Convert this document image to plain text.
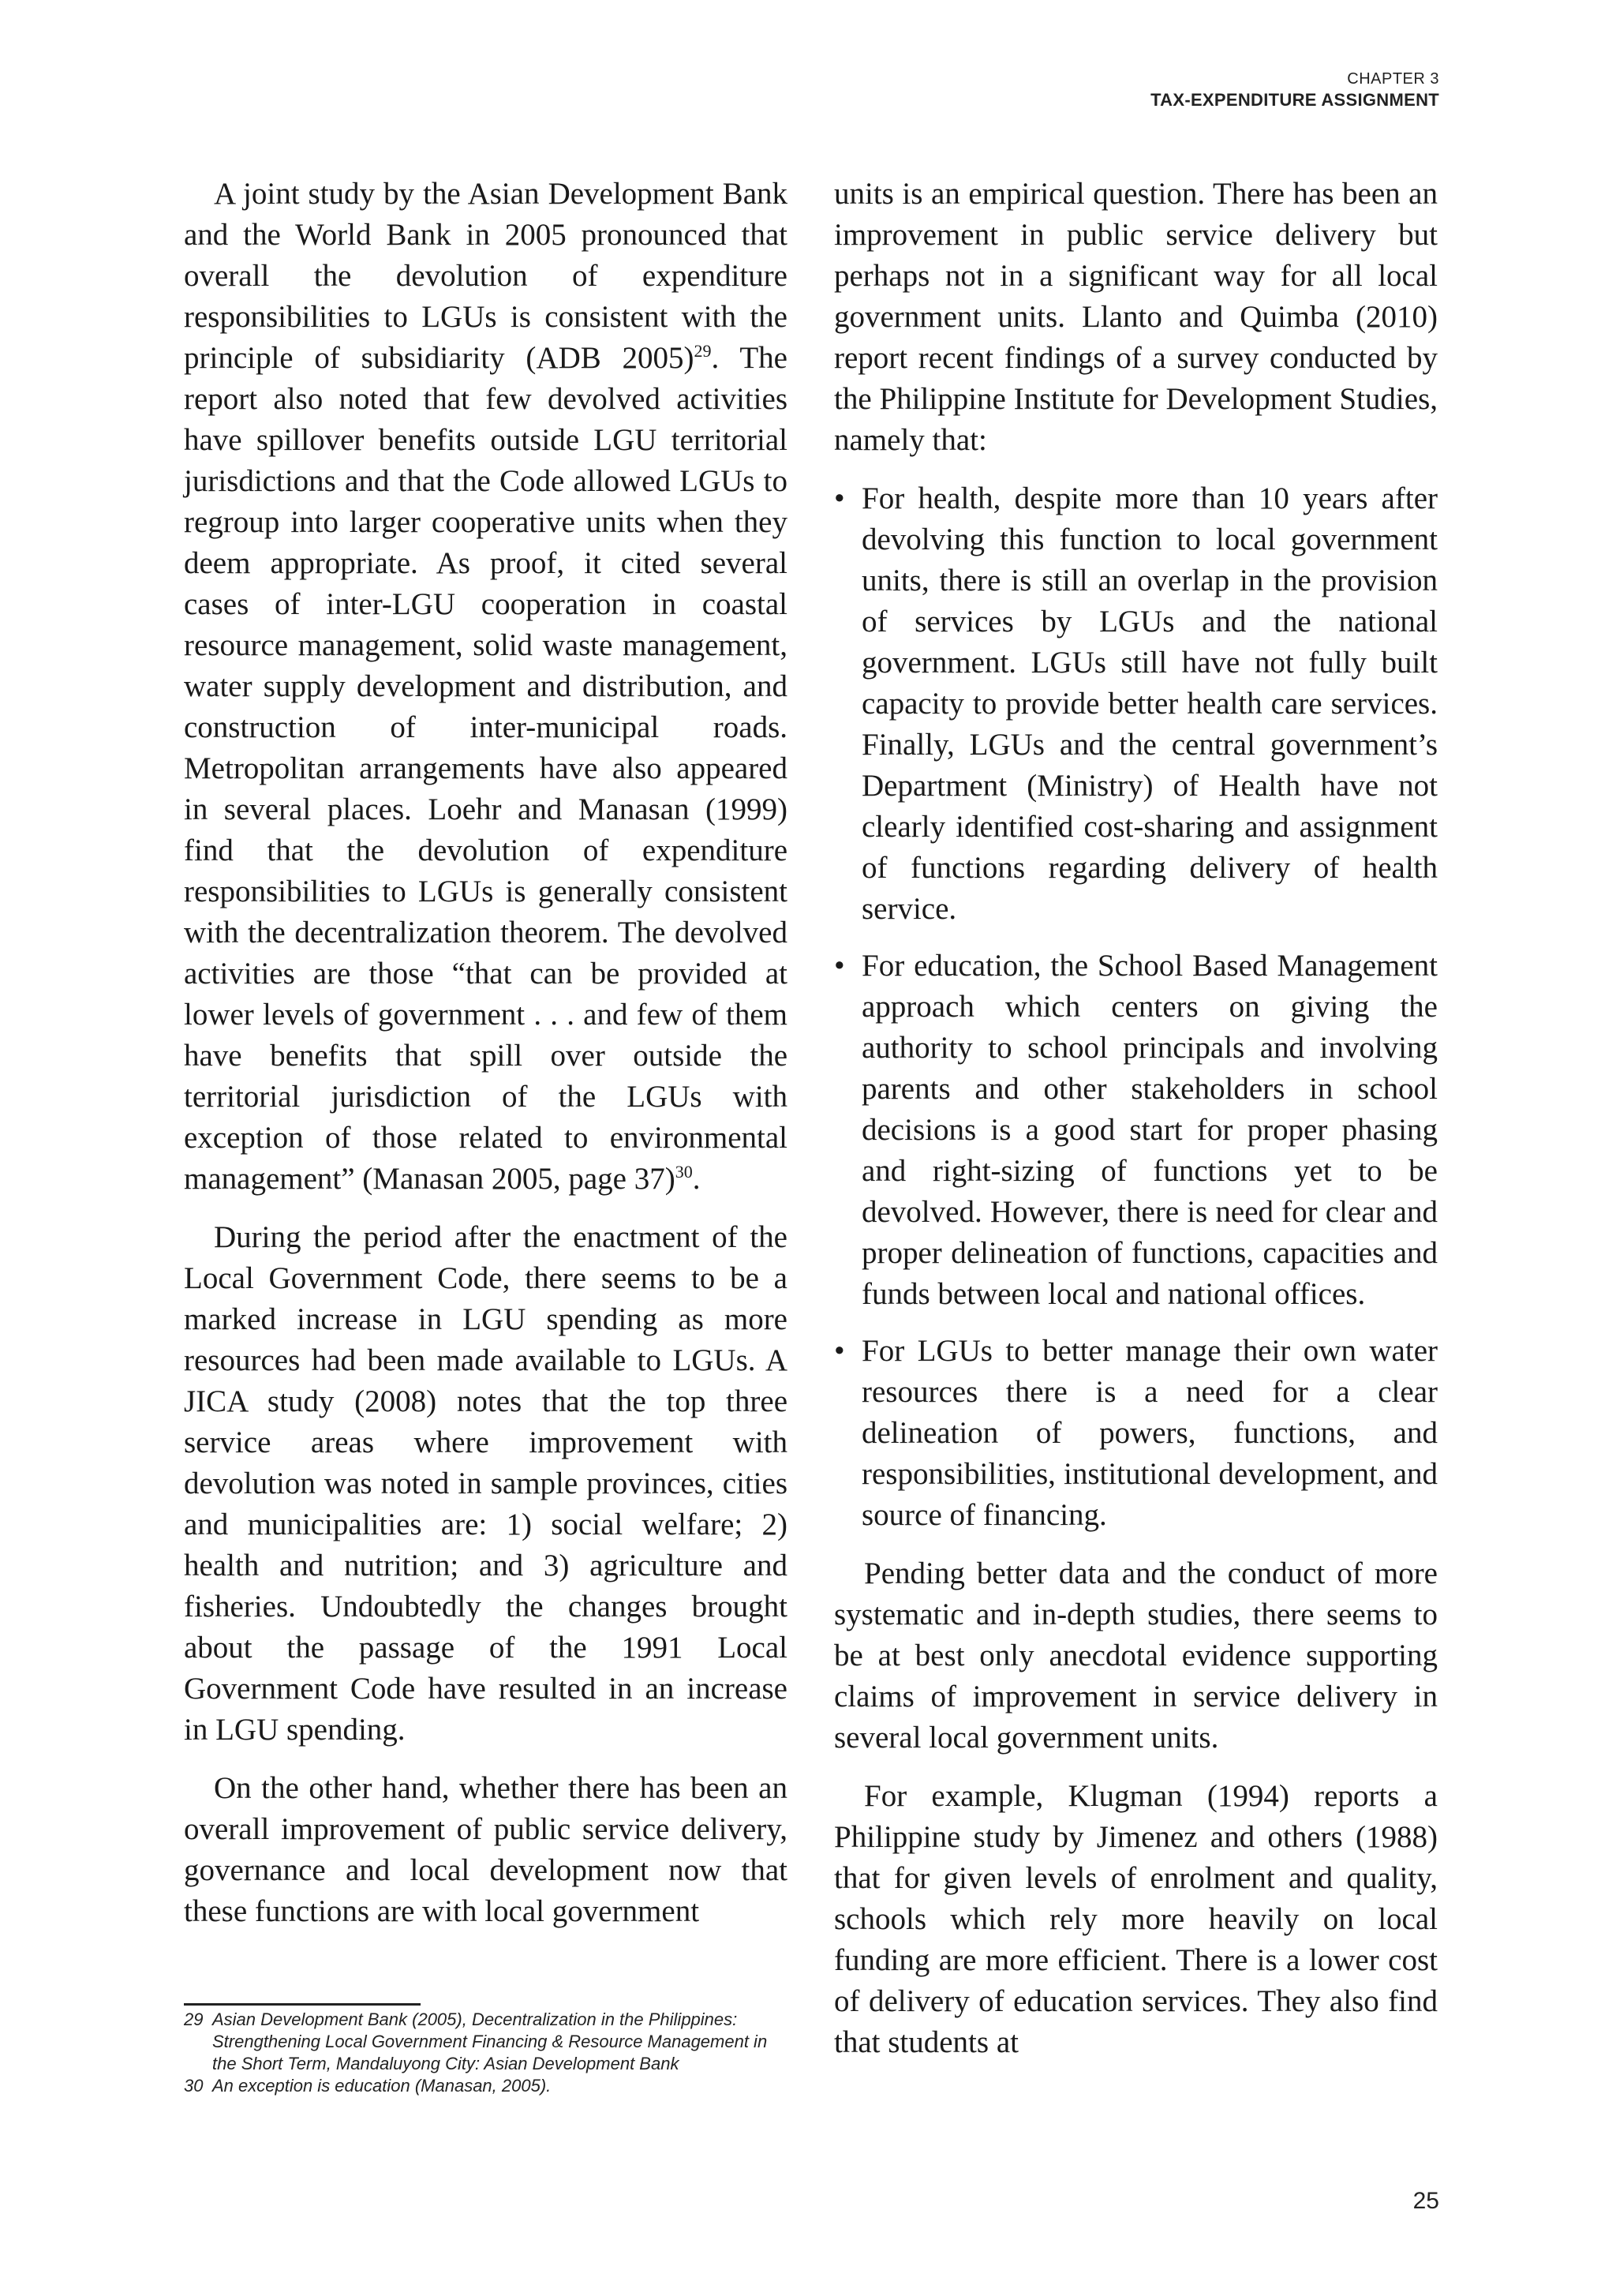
CHAPTER 3
TAX-EXPENDITURE ASSIGNMENT

A joint study by the Asian Development Bank and the World Bank in 2005 pronounced that overall the devolution of expenditure responsibilities to LGUs is consistent with the principle of subsidiarity (ADB 2005)$^{29}$. The report also noted that few devolved activities have spillover benefits outside LGU territorial jurisdictions and that the Code allowed LGUs to regroup into larger cooperative units when they deem appropriate. As proof, it cited several cases of inter-LGU cooperation in coastal resource management, solid waste management, water supply development and distribution, and construction of inter-municipal roads. Metropolitan arrangements have also appeared in several places. Loehr and Manasan (1999) find that the devolution of expenditure responsibilities to LGUs is generally consistent with the decentralization theorem. The devolved activities are those “that can be provided at lower levels of government . . . and few of them have benefits that spill over outside the territorial jurisdiction of the LGUs with exception of those related to environmental management” (Manasan 2005, page 37)$^{30}$.

During the period after the enactment of the Local Government Code, there seems to be a marked increase in LGU spending as more resources had been made available to LGUs. A JICA study (2008) notes that the top three service areas where improvement with devolution was noted in sample provinces, cities and municipalities are: 1) social welfare; 2) health and nutrition; and 3) agriculture and fisheries. Undoubtedly the changes brought about the passage of the 1991 Local Government Code have resulted in an increase in LGU spending.

On the other hand, whether there has been an overall improvement of public service delivery, governance and local development now that these functions are with local government

units is an empirical question. There has been an improvement in public service delivery but perhaps not in a significant way for all local government units. Llanto and Quimba (2010) report recent findings of a survey conducted by the Philippine Institute for Development Studies, namely that:

• For health, despite more than 10 years after devolving this function to local government units, there is still an overlap in the provision of services by LGUs and the national government. LGUs still have not fully built capacity to provide better health care services. Finally, LGUs and the central government’s Department (Ministry) of Health have not clearly identified cost-sharing and assignment of functions regarding delivery of health service.
• For education, the School Based Management approach which centers on giving the authority to school principals and involving parents and other stakeholders in school decisions is a good start for proper phasing and right-sizing of functions yet to be devolved. However, there is need for clear and proper delineation of functions, capacities and funds between local and national offices.
• For LGUs to better manage their own water resources there is a need for a clear delineation of powers, functions, and responsibilities, institutional development, and source of financing.

Pending better data and the conduct of more systematic and in-depth studies, there seems to be at best only anecdotal evidence supporting claims of improvement in service delivery in several local government units.

For example, Klugman (1994) reports a Philippine study by Jimenez and others (1988) that for given levels of enrolment and quality, schools which rely more heavily on local funding are more efficient. There is a lower cost of delivery of education services. They also find that students at

29 Asian Development Bank (2005), Decentralization in the Philippines: Strengthening Local Government Financing & Resource Management in the Short Term, Mandaluyong City: Asian Development Bank
30 An exception is education (Manasan, 2005).
25
